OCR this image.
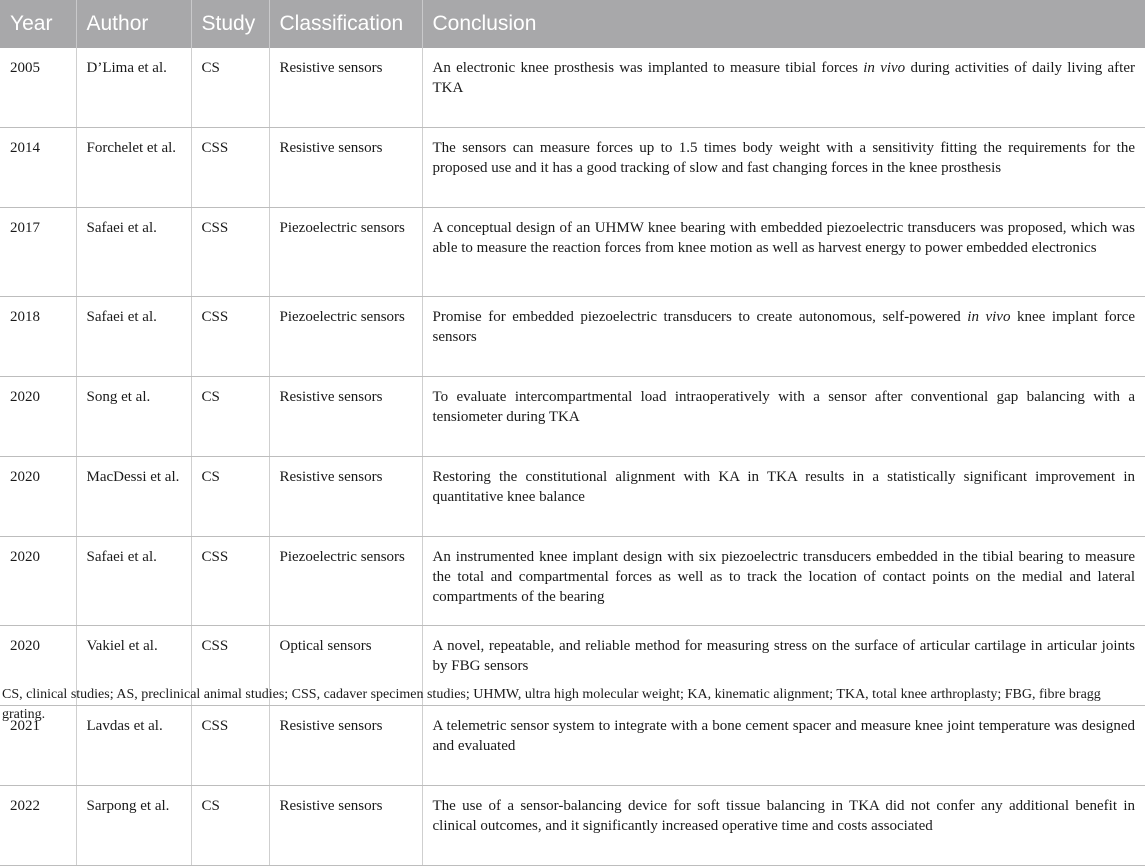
Year	Author	Study	Classification	Conclusion
2005	D’Lima et al.	CS	Resistive sensors	An electronic knee prosthesis was implanted to measure tibial forces in vivo during activities of daily living after TKA
2014	Forchelet et al.	CSS	Resistive sensors	The sensors can measure forces up to 1.5 times body weight with a sensitivity fitting the requirements for the proposed use and it has a good tracking of slow and fast changing forces in the knee prosthesis
2017	Safaei et al.	CSS	Piezoelectric sensors	A conceptual design of an UHMW knee bearing with embedded piezoelectric transducers was proposed, which was able to measure the reaction forces from knee motion as well as harvest energy to power embedded electronics
2018	Safaei et al.	CSS	Piezoelectric sensors	Promise for embedded piezoelectric transducers to create autonomous, self-powered in vivo knee implant force sensors
2020	Song et al.	CS	Resistive sensors	To evaluate intercompartmental load intraoperatively with a sensor after conventional gap balancing with a tensiometer during TKA
2020	MacDessi et al.	CS	Resistive sensors	Restoring the constitutional alignment with KA in TKA results in a statistically significant improvement in quantitative knee balance
2020	Safaei et al.	CSS	Piezoelectric sensors	An instrumented knee implant design with six piezoelectric transducers embedded in the tibial bearing to measure the total and compartmental forces as well as to track the location of contact points on the medial and lateral compartments of the bearing
2020	Vakiel et al.	CSS	Optical sensors	A novel, repeatable, and reliable method for measuring stress on the surface of articular cartilage in articular joints by FBG sensors
2021	Lavdas et al.	CSS	Resistive sensors	A telemetric sensor system to integrate with a bone cement spacer and measure knee joint temperature was designed and evaluated
2022	Sarpong et al.	CS	Resistive sensors	The use of a sensor-balancing device for soft tissue balancing in TKA did not confer any additional benefit in clinical outcomes, and it significantly increased operative time and costs associated
CS, clinical studies; AS, preclinical animal studies; CSS, cadaver specimen studies; UHMW, ultra high molecular weight; KA, kinematic alignment; TKA, total knee arthroplasty; FBG, fibre bragg grating.
